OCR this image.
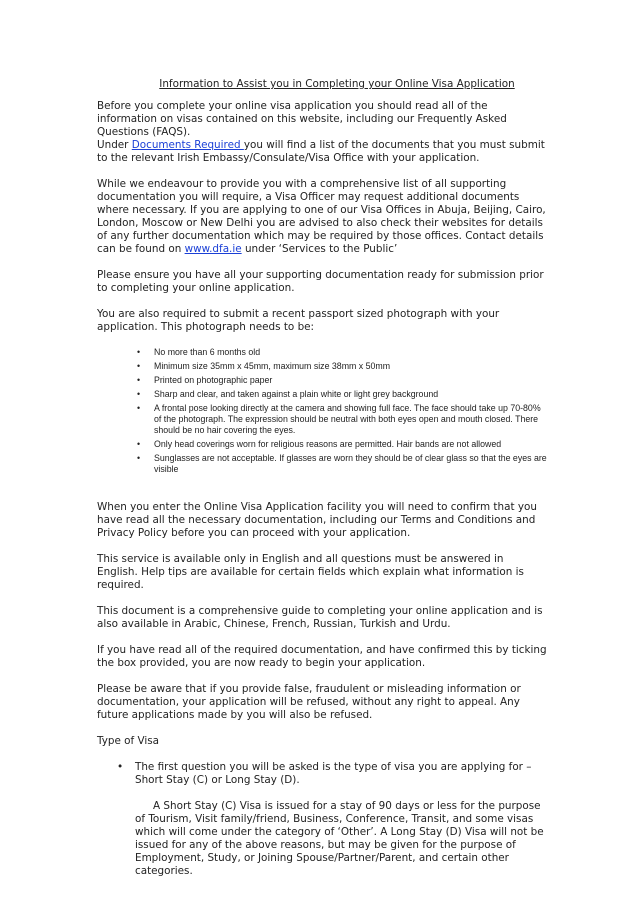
Information to Assist you in Completing your Online Visa Application

Before you complete your online visa application you should read all of the information on visas contained on this website, including our Frequently Asked Questions (FAQS).
Under Documents Required you will find a list of the documents that you must submit to the relevant Irish Embassy/Consulate/Visa Office with your application.

While we endeavour to provide you with a comprehensive list of all supporting documentation you will require, a Visa Officer may request additional documents where necessary. If you are applying to one of our Visa Offices in Abuja, Beijing, Cairo, London, Moscow or New Delhi you are advised to also check their websites for details of any further documentation which may be required by those offices. Contact details can be found on www.dfa.ie under ‘Services to the Public’

Please ensure you have all your supporting documentation ready for submission prior to completing your online application.

You are also required to submit a recent passport sized photograph with your application. This photograph needs to be:

• No more than 6 months old
• Minimum size 35mm x 45mm, maximum size 38mm x 50mm
• Printed on photographic paper
• Sharp and clear, and taken against a plain white or light grey background
• A frontal pose looking directly at the camera and showing full face. The face should take up 70-80% of the photograph. The expression should be neutral with both eyes open and mouth closed. There should be no hair covering the eyes.
• Only head coverings worn for religious reasons are permitted. Hair bands are not allowed
• Sunglasses are not acceptable. If glasses are worn they should be of clear glass so that the eyes are visible

When you enter the Online Visa Application facility you will need to confirm that you have read all the necessary documentation, including our Terms and Conditions and Privacy Policy before you can proceed with your application.

This service is available only in English and all questions must be answered in English. Help tips are available for certain fields which explain what information is required.

This document is a comprehensive guide to completing your online application and is also available in Arabic, Chinese, French, Russian, Turkish and Urdu.

If you have read all of the required documentation, and have confirmed this by ticking the box provided, you are now ready to begin your application.

Please be aware that if you provide false, fraudulent or misleading information or documentation, your application will be refused, without any right to appeal. Any future applications made by you will also be refused.

Type of Visa

• The first question you will be asked is the type of visa you are applying for – Short Stay (C) or Long Stay (D).

A Short Stay (C) Visa is issued for a stay of 90 days or less for the purpose of Tourism, Visit family/friend, Business, Conference, Transit, and some visas which will come under the category of ‘Other’. A Long Stay (D) Visa will not be issued for any of the above reasons, but may be given for the purpose of Employment, Study, or Joining Spouse/Partner/Parent, and certain other categories.
